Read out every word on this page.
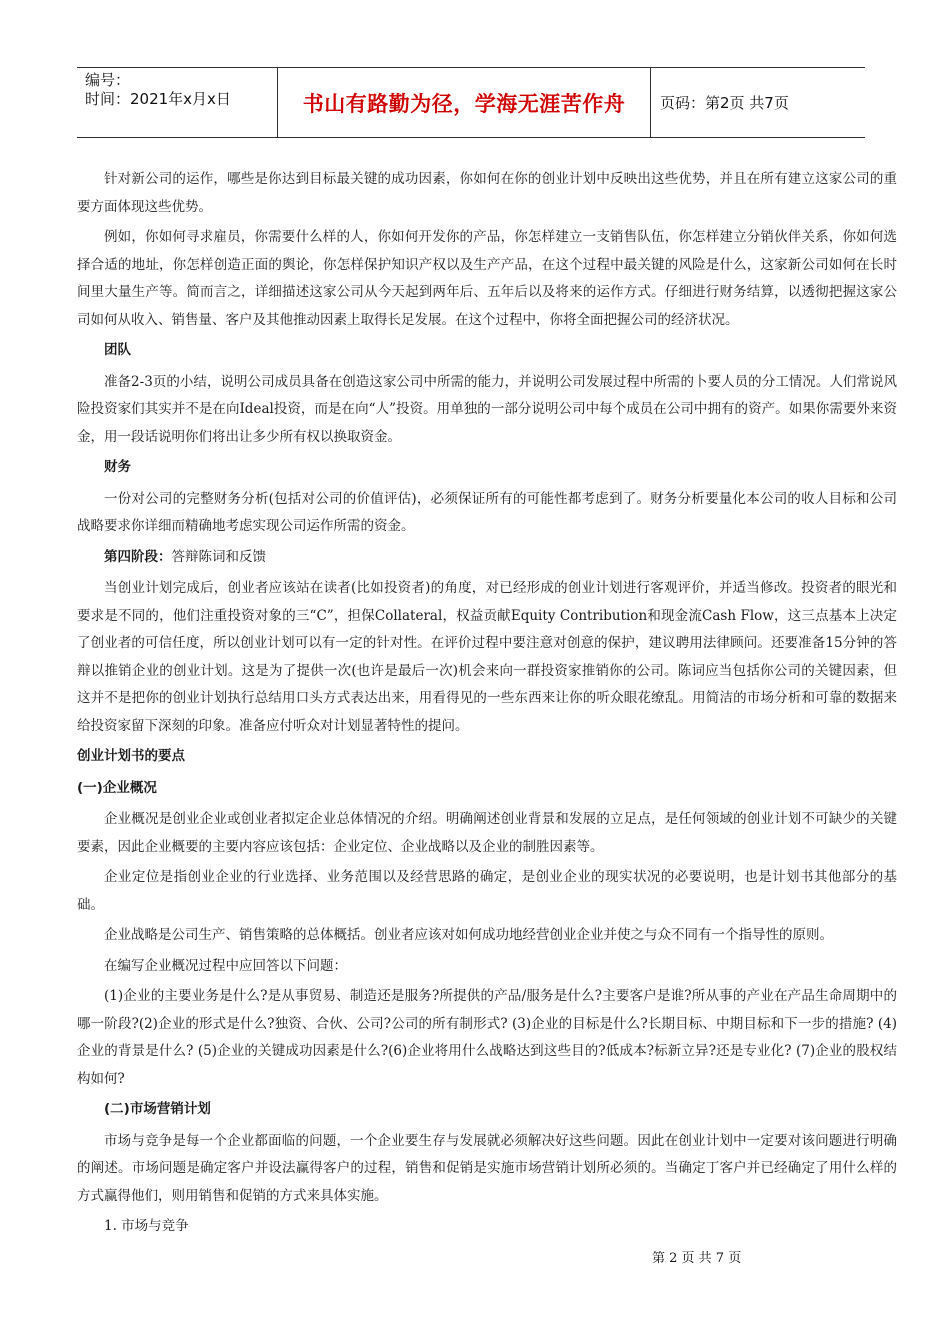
编号：
时间：2021年x月x日	书山有路勤为径，学海无涯苦作舟	页码：第2页 共7页

针对新公司的运作，哪些是你达到目标最关键的成功因素，你如何在你的创业计划中反映出这些优势，并且在所有建立这家公司的重要方面体现这些优势。

例如，你如何寻求雇员，你需要什么样的人，你如何开发你的产品，你怎样建立一支销售队伍，你怎样建立分销伙伴关系，你如何选择合适的地址，你怎样创造正面的舆论，你怎样保护知识产权以及生产产品，在这个过程中最关键的风险是什么，这家新公司如何在长时间里大量生产等。简而言之，详细描述这家公司从今天起到两年后、五年后以及将来的运作方式。仔细进行财务结算，以透彻把握这家公司如何从收入、销售量、客户及其他推动因素上取得长足发展。在这个过程中，你将全面把握公司的经济状况。

团队

准备2-3页的小结，说明公司成员具备在创造这家公司中所需的能力，并说明公司发展过程中所需的卜要人员的分工情况。人们常说风险投资家们其实并不是在向Ideal投资，而是在向“人”投资。用单独的一部分说明公司中每个成员在公司中拥有的资产。如果你需要外来资金，用一段话说明你们将出让多少所有权以换取资金。

财务

一份对公司的完整财务分析(包括对公司的价值评估)，必须保证所有的可能性都考虑到了。财务分析要量化本公司的收人目标和公司战略要求你详细而精确地考虑实现公司运作所需的资金。

第四阶段：答辩陈词和反馈

当创业计划完成后，创业者应该站在读者(比如投资者)的角度，对已经形成的创业计划进行客观评价，并适当修改。投资者的眼光和要求是不同的，他们注重投资对象的三“C”，担保Collateral，权益贡献Equity Contribution和现金流Cash Flow，这三点基本上决定了创业者的可信任度，所以创业计划可以有一定的针对性。在评价过程中要注意对创意的保护，建议聘用法律顾问。还要准备15分钟的答辩以推销企业的创业计划。这是为了提供一次(也许是最后一次)机会来向一群投资家推销你的公司。陈词应当包括你公司的关键因素，但这并不是把你的创业计划执行总结用口头方式表达出来，用看得见的一些东西来让你的听众眼花缭乱。用简洁的市场分析和可靠的数据来给投资家留下深刻的印象。准备应付听众对计划显著特性的提问。

创业计划书的要点

(一)企业概况

企业概况是创业企业或创业者拟定企业总体情况的介绍。明确阐述创业背景和发展的立足点，是任何领域的创业计划不可缺少的关键要素，因此企业概要的主要内容应该包括：企业定位、企业战略以及企业的制胜因素等。

企业定位是指创业企业的行业选择、业务范围以及经营思路的确定，是创业企业的现实状况的必要说明，也是计划书其他部分的基础。

企业战略是公司生产、销售策略的总体概括。创业者应该对如何成功地经营创业企业并使之与众不同有一个指导性的原则。

在编写企业概况过程中应回答以下问题：

(1)企业的主要业务是什么?是从事贸易、制造还是服务?所提供的产品/服务是什么?主要客户是谁?所从事的产业在产品生命周期中的哪一阶段?(2)企业的形式是什么?独资、合伙、公司?公司的所有制形式? (3)企业的目标是什么?长期目标、中期目标和下一步的措施? (4)企业的背景是什么? (5)企业的关键成功因素是什么?(6)企业将用什么战略达到这些目的?低成本?标新立异?还是专业化? (7)企业的股权结构如何?

(二)市场营销计划

市场与竞争是每一个企业都面临的问题，一个企业要生存与发展就必须解决好这些问题。因此在创业计划中一定要对该问题进行明确的阐述。市场问题是确定客户并设法赢得客户的过程，销售和促销是实施市场营销计划所必须的。当确定丁客户并已经确定了用什么样的方式赢得他们，则用销售和促销的方式来具体实施。

1. 市场与竞争

第 2 页 共 7 页
